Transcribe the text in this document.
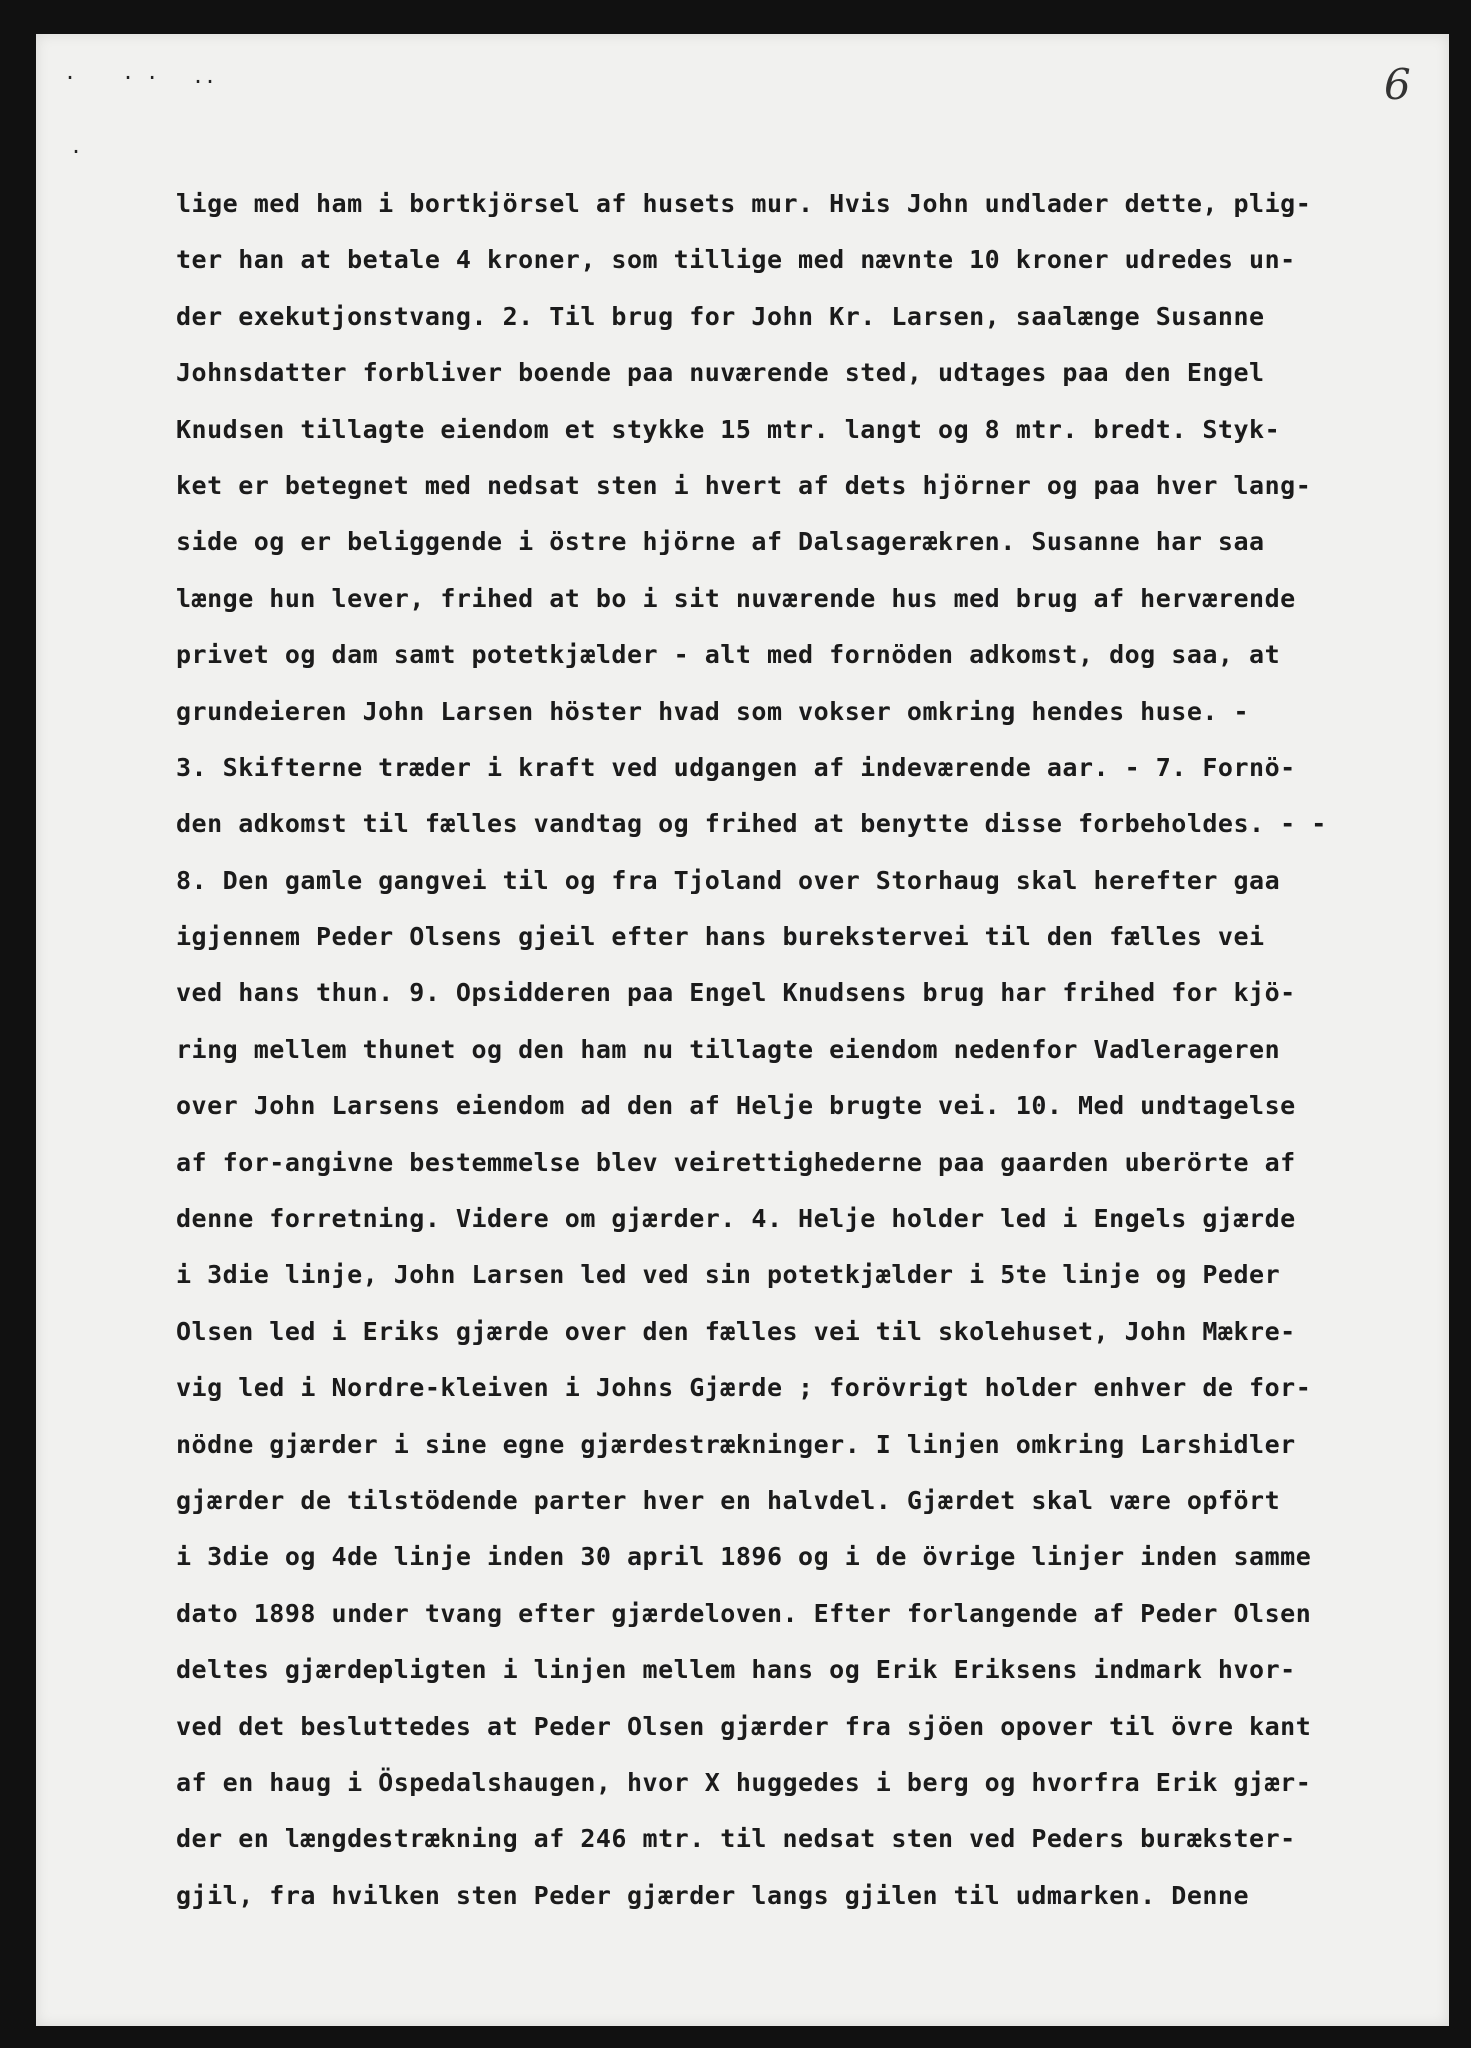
. . . ..
.
6
lige med ham i bortkjörsel af husets mur. Hvis John undlader dette, plig-
ter han at betale 4 kroner, som tillige med nævnte 10 kroner udredes un-
der exekutjonstvang. 2. Til brug for John Kr. Larsen, saalænge Susanne
Johnsdatter forbliver boende paa nuværende sted, udtages paa den Engel
Knudsen tillagte eiendom et stykke 15 mtr. langt og 8 mtr. bredt. Styk-
ket er betegnet med nedsat sten i hvert af dets hjörner og paa hver lang-
side og er beliggende i östre hjörne af Dalsagerækren. Susanne har saa
længe hun lever, frihed at bo i sit nuværende hus med brug af herværende
privet og dam samt potetkjælder - alt med fornöden adkomst, dog saa, at
grundeieren John Larsen höster hvad som vokser omkring hendes huse. -
3. Skifterne træder i kraft ved udgangen af indeværende aar. - 7. Fornö-
den adkomst til fælles vandtag og frihed at benytte disse forbeholdes. - -
8. Den gamle gangvei til og fra Tjoland over Storhaug skal herefter gaa
igjennem Peder Olsens gjeil efter hans burekstervei til den fælles vei
ved hans thun. 9. Opsidderen paa Engel Knudsens brug har frihed for kjö-
ring mellem thunet og den ham nu tillagte eiendom nedenfor Vadlerageren
over John Larsens eiendom ad den af Helje brugte vei. 10. Med undtagelse
af for-angivne bestemmelse blev veirettighederne paa gaarden uberörte af
denne forretning. Videre om gjærder. 4. Helje holder led i Engels gjærde
i 3die linje, John Larsen led ved sin potetkjælder i 5te linje og Peder
Olsen led i Eriks gjærde over den fælles vei til skolehuset, John Mækre-
vig led i Nordre-kleiven i Johns Gjærde ; forövrigt holder enhver de for-
nödne gjærder i sine egne gjærdestrækninger. I linjen omkring Larshidler
gjærder de tilstödende parter hver en halvdel. Gjærdet skal være opfört
i 3die og 4de linje inden 30 april 1896 og i de övrige linjer inden samme
dato 1898 under tvang efter gjærdeloven. Efter forlangende af Peder Olsen
deltes gjærdepligten i linjen mellem hans og Erik Eriksens indmark hvor-
ved det besluttedes at Peder Olsen gjærder fra sjöen opover til övre kant
af en haug i Öspedalshaugen, hvor X huggedes i berg og hvorfra Erik gjær-
der en længdestrækning af 246 mtr. til nedsat sten ved Peders burækster-
gjil, fra hvilken sten Peder gjærder langs gjilen til udmarken. Denne
